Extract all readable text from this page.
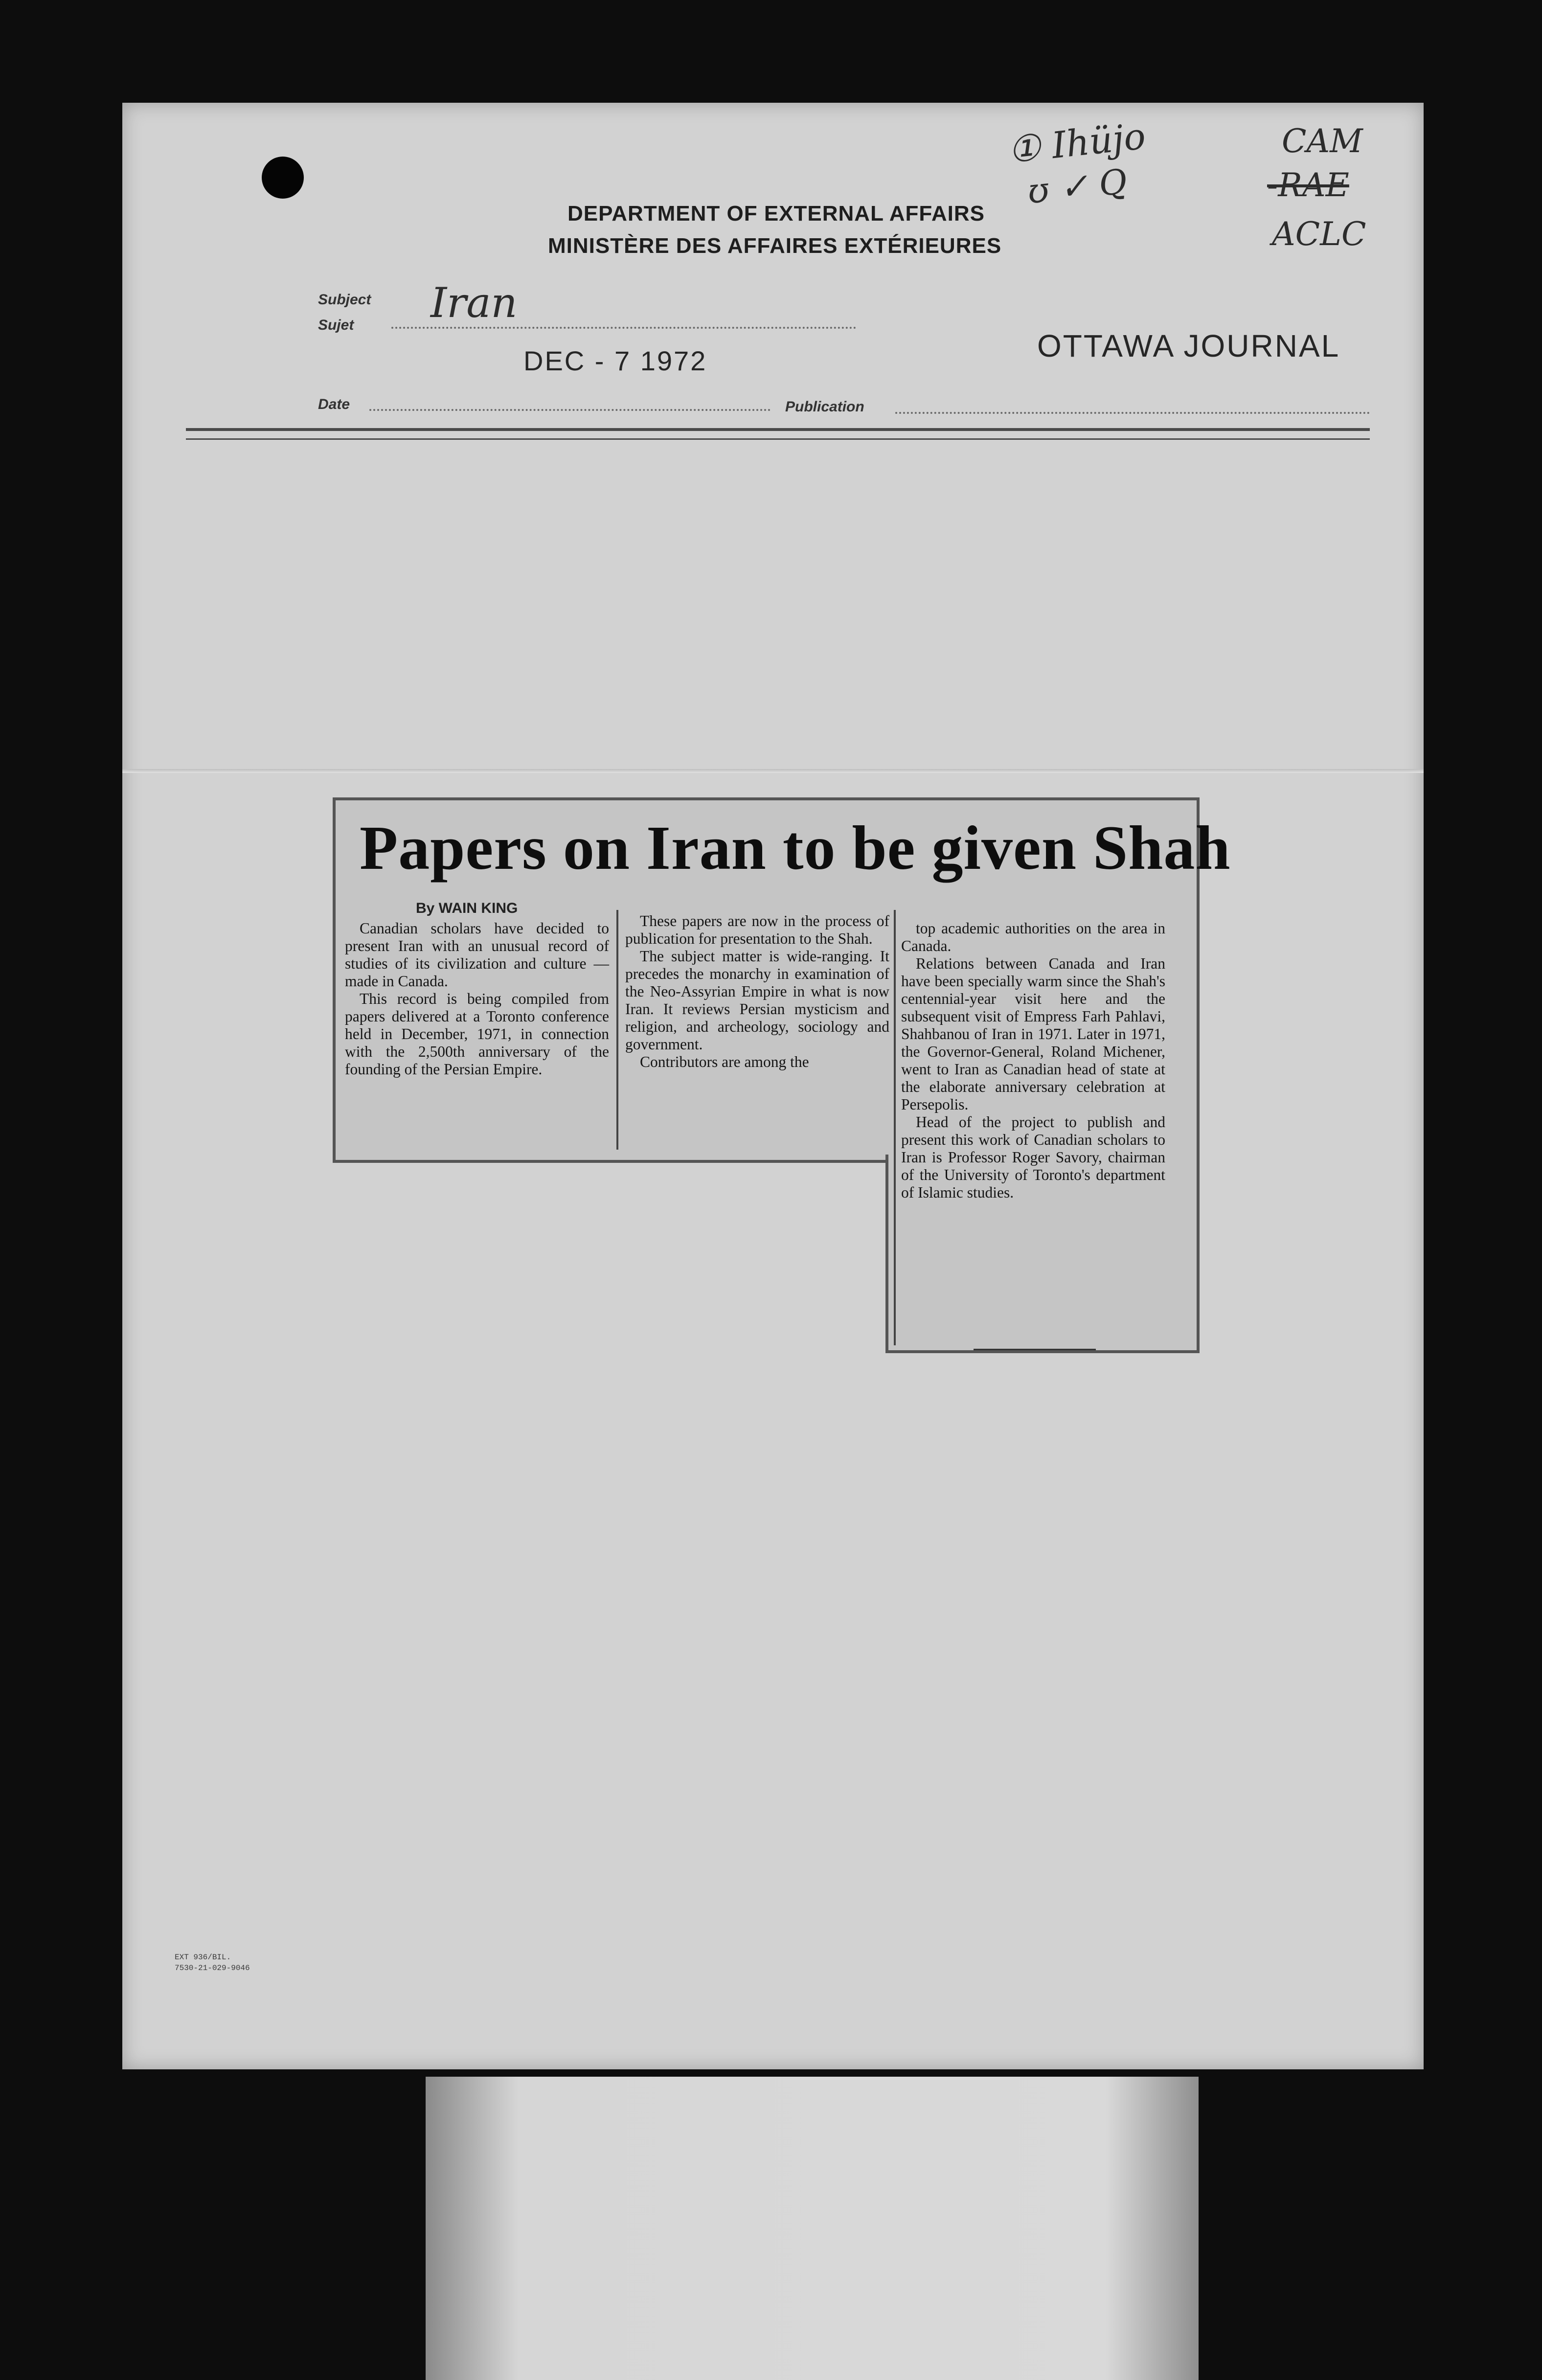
DEPARTMENT OF EXTERNAL AFFAIRS
MINISTÈRE DES AFFAIRES EXTÉRIEURES
① Ihüjo
ʊ ✓ Q
CAM
-RAE
ACLC
Subject
Sujet Iran
DEC - 7 1972	OTTAWA JOURNAL
Date	Publication
Papers on Iran to be given Shah
By WAIN KING

Canadian scholars have decided to present Iran with an unusual record of studies of its civilization and culture — made in Canada.

This record is being compiled from papers delivered at a Toronto conference held in December, 1971, in connection with the 2,500th anniversary of the founding of the Persian Empire.

These papers are now in the process of publication for presentation to the Shah.

The subject matter is wide-ranging. It precedes the monarchy in examination of the Neo-Assyrian Empire in what is now Iran. It reviews Persian mysticism and religion, and archeology, sociology and government.

Contributors are among the

top academic authorities on the area in Canada.

Relations between Canada and Iran have been specially warm since the Shah's centennial-year visit here and the subsequent visit of Empress Farh Pahlavi, Shahbanou of Iran in 1971. Later in 1971, the Governor-General, Roland Michener, went to Iran as Canadian head of state at the elaborate anniversary celebration at Persepolis.

Head of the project to publish and present this work of Canadian scholars to Iran is Professor Roger Savory, chairman of the University of Toronto's department of Islamic studies.

EXT 936/BIL.
7530-21-029-9046
